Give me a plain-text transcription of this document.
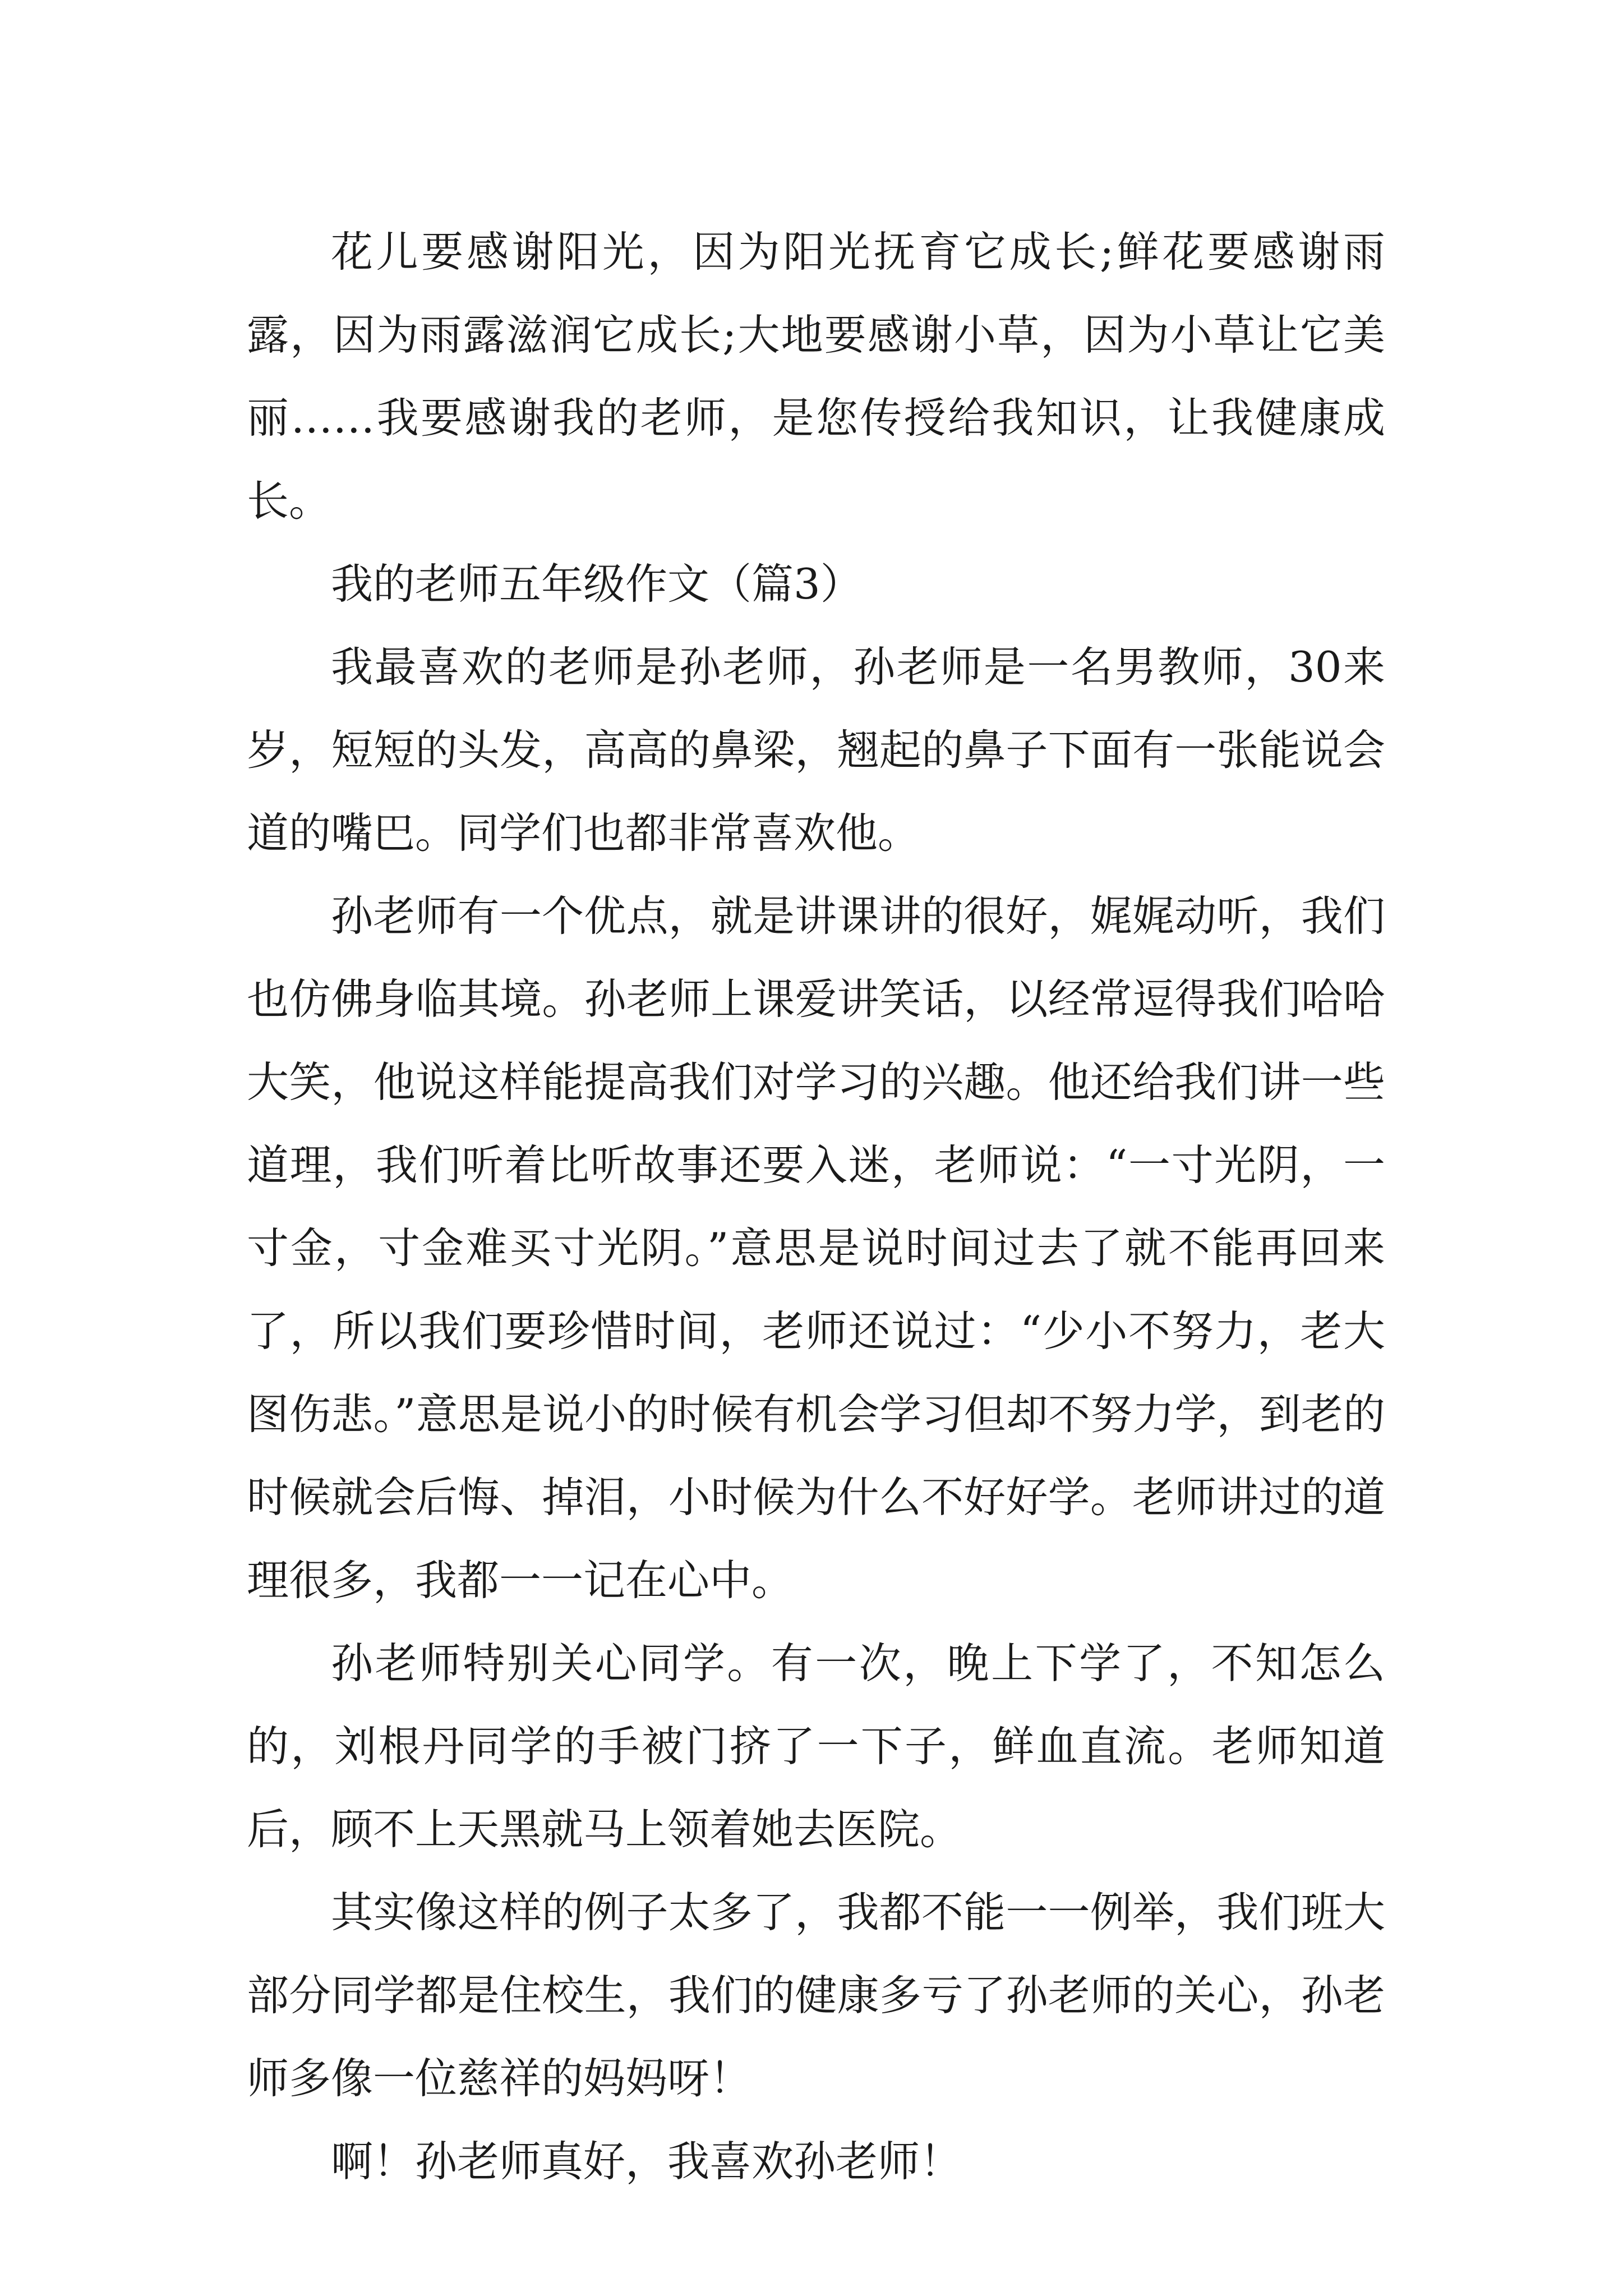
花儿要感谢阳光，因为阳光抚育它成长;鲜花要感谢雨露，因为雨露滋润它成长;大地要感谢小草，因为小草让它美丽……我要感谢我的老师，是您传授给我知识，让我健康成长。

我的老师五年级作文（篇3）

我最喜欢的老师是孙老师，孙老师是一名男教师，30来岁，短短的头发，高高的鼻梁，翘起的鼻子下面有一张能说会道的嘴巴。同学们也都非常喜欢他。

孙老师有一个优点，就是讲课讲的很好，娓娓动听，我们也仿佛身临其境。孙老师上课爱讲笑话，以经常逗得我们哈哈大笑，他说这样能提高我们对学习的兴趣。他还给我们讲一些道理，我们听着比听故事还要入迷，老师说：“一寸光阴，一寸金，寸金难买寸光阴。”意思是说时间过去了就不能再回来了，所以我们要珍惜时间，老师还说过：“少小不努力，老大图伤悲。”意思是说小的时候有机会学习但却不努力学，到老的时候就会后悔、掉泪，小时候为什么不好好学。老师讲过的道理很多，我都一一记在心中。

孙老师特别关心同学。有一次，晚上下学了，不知怎么的，刘根丹同学的手被门挤了一下子，鲜血直流。老师知道后，顾不上天黑就马上领着她去医院。

其实像这样的例子太多了，我都不能一一例举，我们班大部分同学都是住校生，我们的健康多亏了孙老师的关心，孙老师多像一位慈祥的妈妈呀！

啊！孙老师真好，我喜欢孙老师！
